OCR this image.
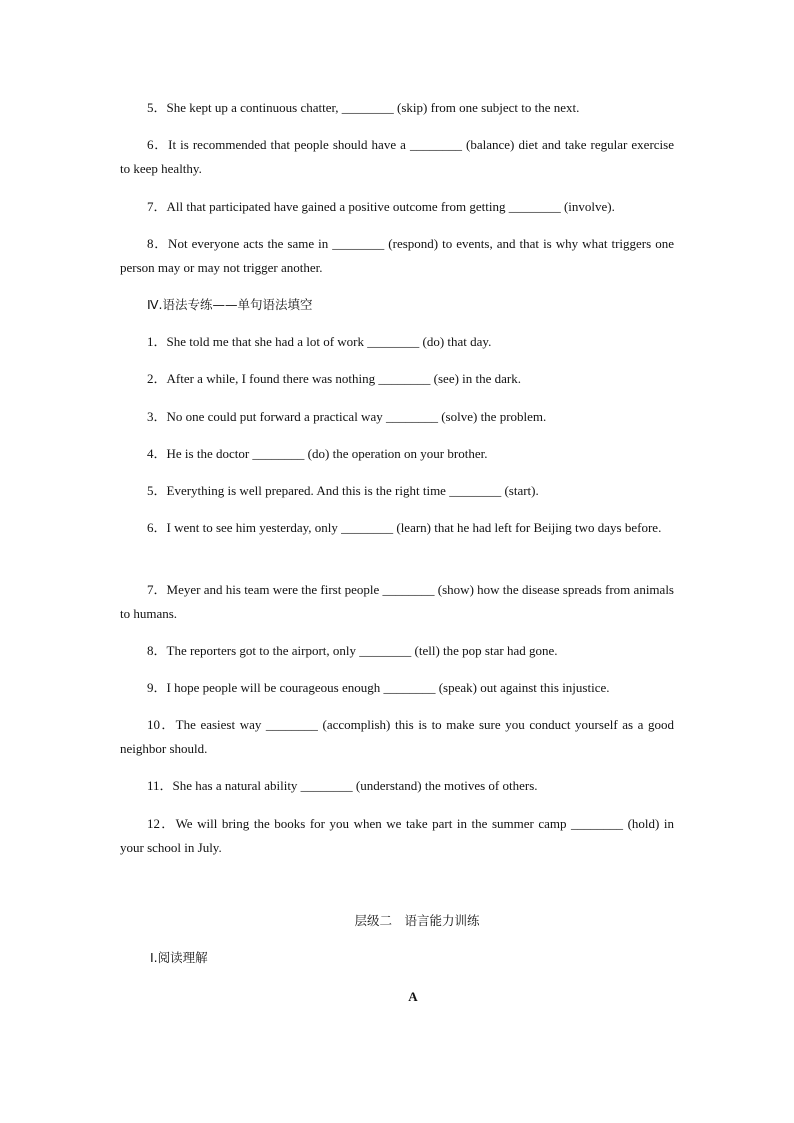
5．She kept up a continuous chatter, ________ (skip) from one subject to the next.
6．It is recommended that people should have a ________ (balance) diet and take regular exercise to keep healthy.
7．All that participated have gained a positive outcome from getting ________ (involve).
8．Not everyone acts the same in ________ (respond) to events, and that is why what triggers one person may or may not trigger another.
Ⅳ.语法专练——单句语法填空
1．She told me that she had a lot of work ________ (do) that day.
2．After a while, I found there was nothing ________ (see) in the dark.
3．No one could put forward a practical way ________ (solve) the problem.
4．He is the doctor ________ (do) the operation on your brother.
5．Everything is well prepared. And this is the right time ________ (start).
6．I went to see him yesterday, only ________ (learn) that he had left for Beijing two days before.
7．Meyer and his team were the first people ________ (show) how the disease spreads from animals to humans.
8．The reporters got to the airport, only ________ (tell) the pop star had gone.
9．I hope people will be courageous enough ________ (speak) out against this injustice.
10．The easiest way ________ (accomplish) this is to make sure you conduct yourself as a good neighbor should.
11．She has a natural ability ________ (understand) the motives of others.
12．We will bring the books for you when we take part in the summer camp ________ (hold) in your school in July.
层级二　语言能力训练
Ⅰ.阅读理解
A
